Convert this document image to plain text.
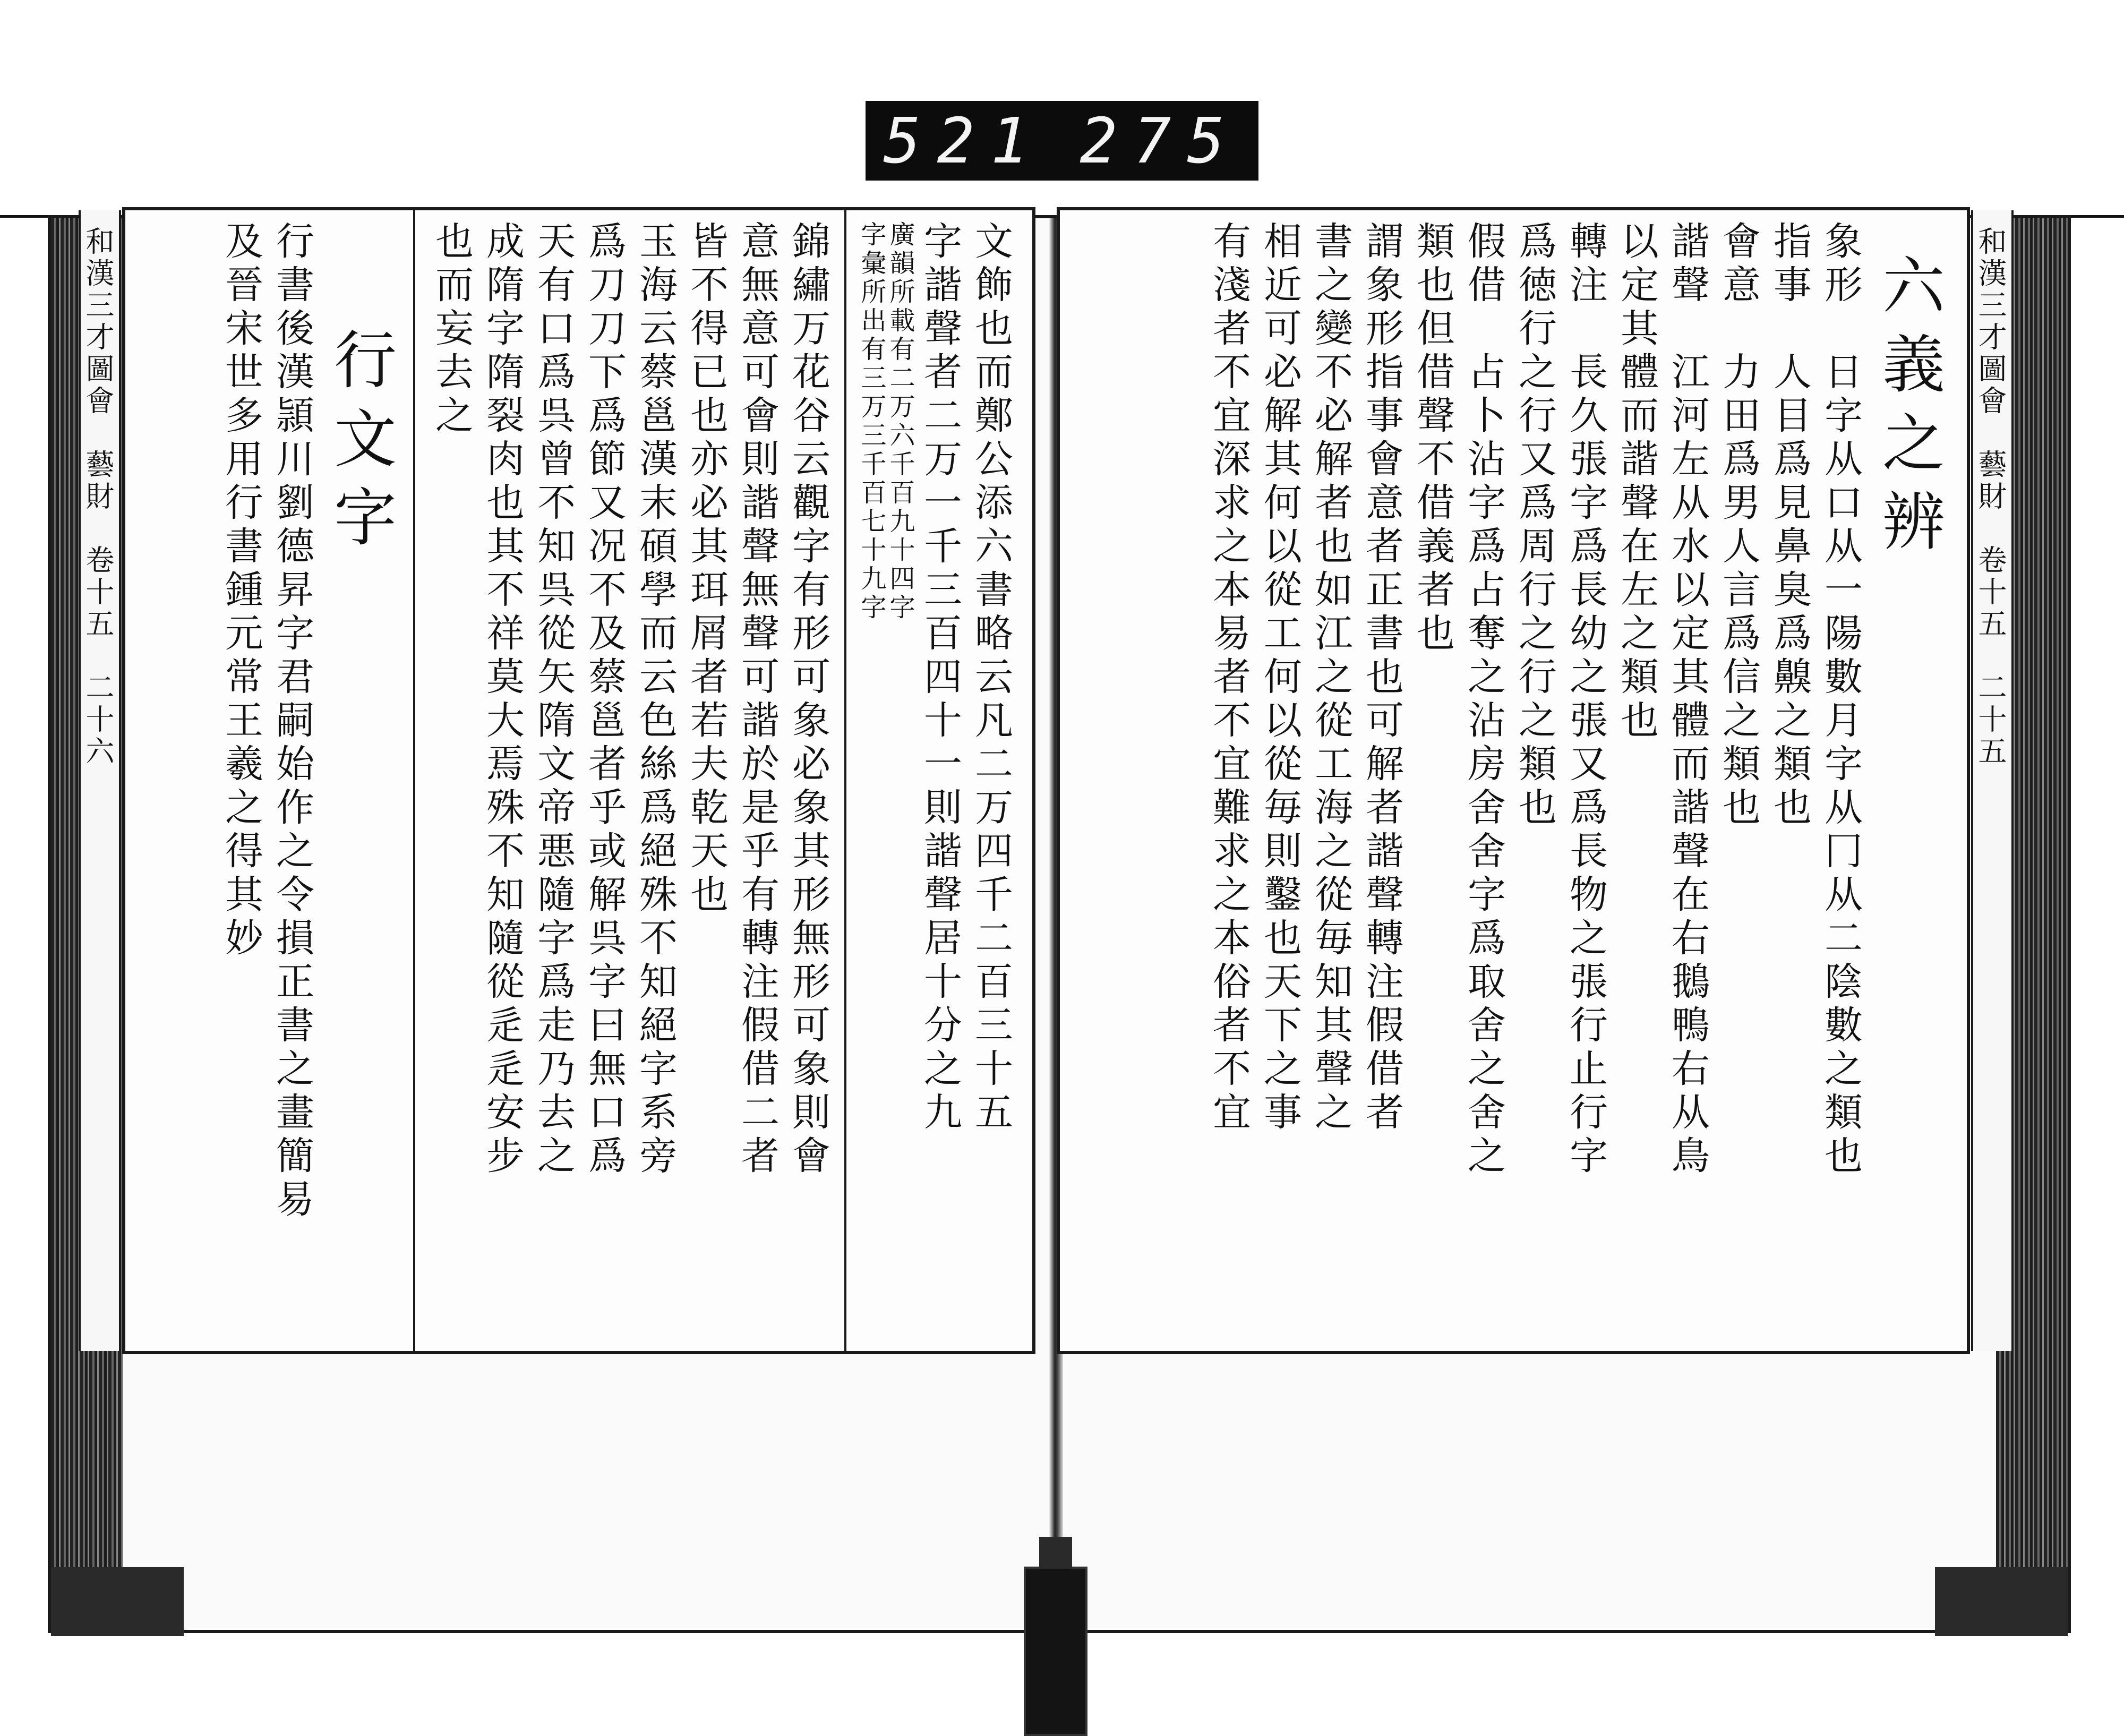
521 275
和漢三才圖會　藝財　卷十五　二十六	文飾也而鄭公添六書略云凡二万四千二百三十五
字諧聲者二万一千三百四十一則諧聲居十分之九
廣韻所載有二万六千百九十四字
字彙所出有三万三千百七十九字
錦繡万花谷云觀字有形可象必象其形無形可象則會
意無意可會則諧聲無聲可諧於是乎有轉注假借二者
皆不得已也亦必其珥屑者若夫乾天也
玉海云蔡邕漢末碩學而云色絲爲絕殊不知絕字系旁
爲刀刀下爲節又况不及蔡邕者乎或解呉字曰無口爲
天有口爲呉曾不知呉從矢隋文帝悪隨字爲走乃去之
成隋字隋裂肉也其不祥莫大焉殊不知隨從辵辵安步
也而妄去之
行文字
行書後漢頴川劉德昇字君嗣始作之令損正書之畫簡易
及晉宋世多用行書鍾元常王羲之得其妙	和漢三才圖會　藝財　卷十五　二十五
六義之辨
象形　日字从口从一陽數月字从冂从二陰數之類也
指事　人目爲見鼻臭爲齅之類也
會意　力田爲男人言爲信之類也
諧聲　江河左从水以定其體而諧聲在右鵝鴨右从鳥
以定其體而諧聲在左之類也
轉注　長久張字爲長幼之張又爲長物之張行止行字
爲徳行之行又爲周行之行之類也
假借　占卜沾字爲占奪之沾房舍舍字爲取舍之舍之
類也但借聲不借義者也
謂象形指事會意者正書也可解者諧聲轉注假借者
書之變不必解者也如江之從工海之從毎知其聲之
相近可必解其何以從工何以從毎則鑿也天下之事
有淺者不宜深求之本易者不宜難求之本俗者不宜
